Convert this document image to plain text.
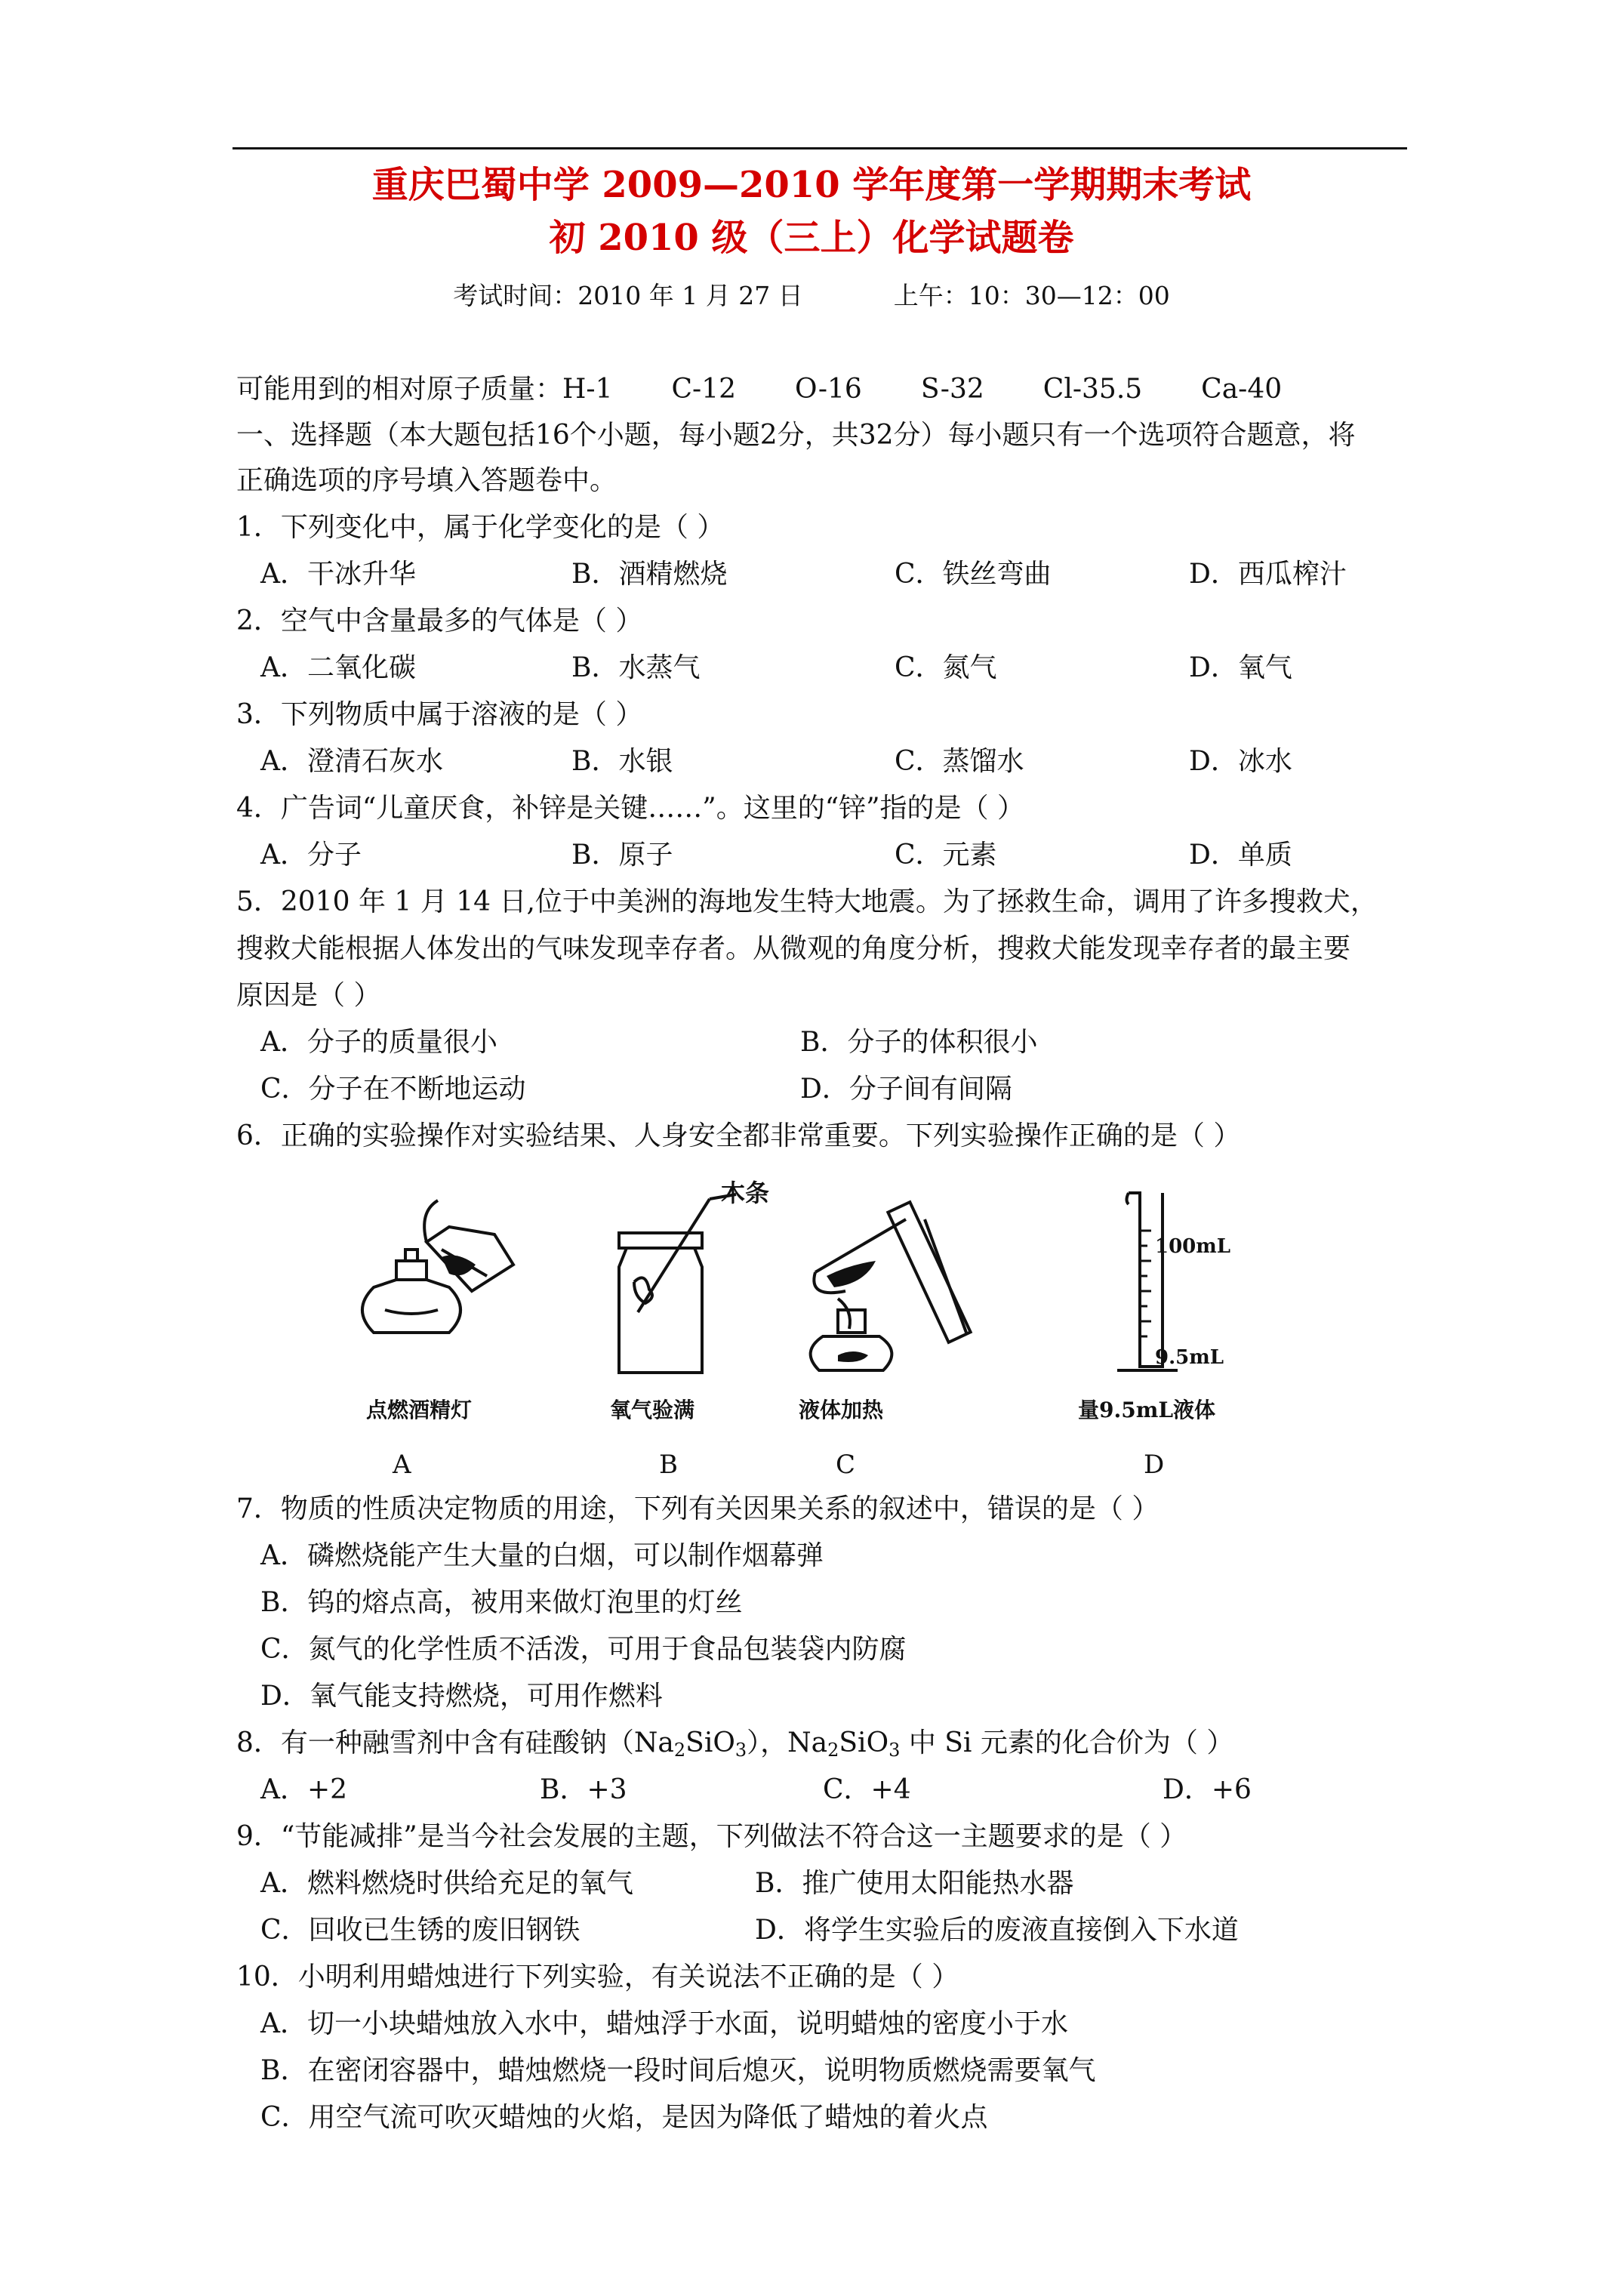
重庆巴蜀中学 2009—2010 学年度第一学期期末考试
初 2010 级（三上）化学试题卷
考试时间：2010 年 1 月 27 日	上午：10：30—12：00
可能用到的相对原子质量：H-1 C-12 O-16 S-32 Cl-35.5 Ca-40
一、选择题（本大题包括16个小题，每小题2分，共32分）每小题只有一个选项符合题意，将
正确选项的序号填入答题卷中。
1．下列变化中，属于化学变化的是（ ）
A．干冰升华	B．酒精燃烧	C．铁丝弯曲	D．西瓜榨汁
2．空气中含量最多的气体是（ ）
A．二氧化碳	B．水蒸气	C．氮气	D．氧气
3．下列物质中属于溶液的是（ ）
A．澄清石灰水	B．水银	C．蒸馏水	D．冰水
4．广告词“儿童厌食，补锌是关键……”。这里的“锌”指的是（ ）
A．分子	B．原子	C．元素	D．单质
5．2010 年 1 月 14 日,位于中美洲的海地发生特大地震。为了拯救生命，调用了许多搜救犬，
搜救犬能根据人体发出的气味发现幸存者。从微观的角度分析，搜救犬能发现幸存者的最主要
原因是（ ）
A．分子的质量很小	B．分子的体积很小
C．分子在不断地运动	D．分子间有间隔
6．正确的实验操作对实验结果、人身安全都非常重要。下列实验操作正确的是（ ）
木条
100mL
9.5mL
点燃酒精灯	氧气验满	液体加热	量9.5mL液体
A	B	C	D
7．物质的性质决定物质的用途，下列有关因果关系的叙述中，错误的是（ ）
A．磷燃烧能产生大量的白烟，可以制作烟幕弹
B．钨的熔点高，被用来做灯泡里的灯丝
C．氮气的化学性质不活泼，可用于食品包装袋内防腐
D．氧气能支持燃烧，可用作燃料
8．有一种融雪剂中含有硅酸钠$(Na_2SiO_3)$，$Na_2SiO_3$ 中 Si 元素的化合价为（ ）
A．+2	B．+3	C．+4	D．+6
9．“节能减排”是当今社会发展的主题，下列做法不符合这一主题要求的是（ ）
A．燃料燃烧时供给充足的氧气	B．推广使用太阳能热水器
C．回收已生锈的废旧钢铁	D．将学生实验后的废液直接倒入下水道
10．小明利用蜡烛进行下列实验，有关说法不正确的是（ ）
A．切一小块蜡烛放入水中，蜡烛浮于水面，说明蜡烛的密度小于水
B．在密闭容器中，蜡烛燃烧一段时间后熄灭，说明物质燃烧需要氧气
C．用空气流可吹灭蜡烛的火焰，是因为降低了蜡烛的着火点
